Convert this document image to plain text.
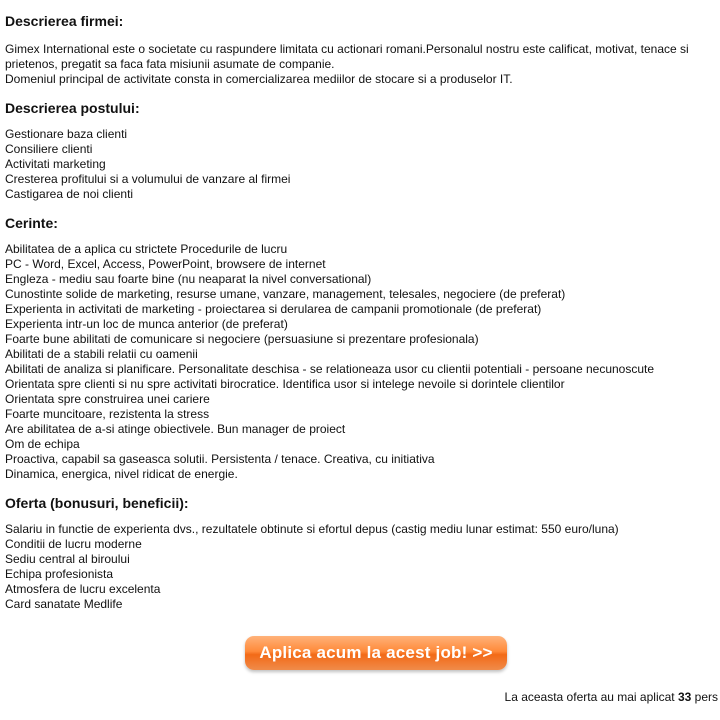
Descrierea firmei:

Gimex International este o societate cu raspundere limitata cu actionari romani.Personalul nostru este calificat, motivat, tenace si

prietenos, pregatit sa faca fata misiunii asumate de companie.

Domeniul principal de activitate consta in comercializarea mediilor de stocare si a produselor IT.

Descrierea postului:
Gestionare baza clienti
Consiliere clienti
Activitati marketing
Cresterea profitului si a volumului de vanzare al firmei
Castigarea de noi clienti
Cerinte:
Abilitatea de a aplica cu strictete Procedurile de lucru
PC - Word, Excel, Access, PowerPoint, browsere de internet
Engleza - mediu sau foarte bine (nu neaparat la nivel conversational)
Cunostinte solide de marketing, resurse umane, vanzare, management, telesales, negociere (de preferat)
Experienta in activitati de marketing - proiectarea si derularea de campanii promotionale (de preferat)
Experienta intr-un loc de munca anterior (de preferat)
Foarte bune abilitati de comunicare si negociere (persuasiune si prezentare profesionala)
Abilitati de a stabili relatii cu oamenii
Abilitati de analiza si planificare. Personalitate deschisa - se relationeaza usor cu clientii potentiali - persoane necunoscute
Orientata spre clienti si nu spre activitati birocratice. Identifica usor si intelege nevoile si dorintele clientilor
Orientata spre construirea unei cariere
Foarte muncitoare, rezistenta la stress
Are abilitatea de a-si atinge obiectivele. Bun manager de proiect
Om de echipa
Proactiva, capabil sa gaseasca solutii. Persistenta / tenace. Creativa, cu initiativa
Dinamica, energica, nivel ridicat de energie.
Oferta (bonusuri, beneficii):
Salariu in functie de experienta dvs., rezultatele obtinute si efortul depus (castig mediu lunar estimat: 550 euro/luna)
Conditii de lucru moderne
Sediu central al biroului
Echipa profesionista
Atmosfera de lucru excelenta
Card sanatate Medlife
Aplica acum la acest job! >>
La aceasta oferta au mai aplicat 33 pers
